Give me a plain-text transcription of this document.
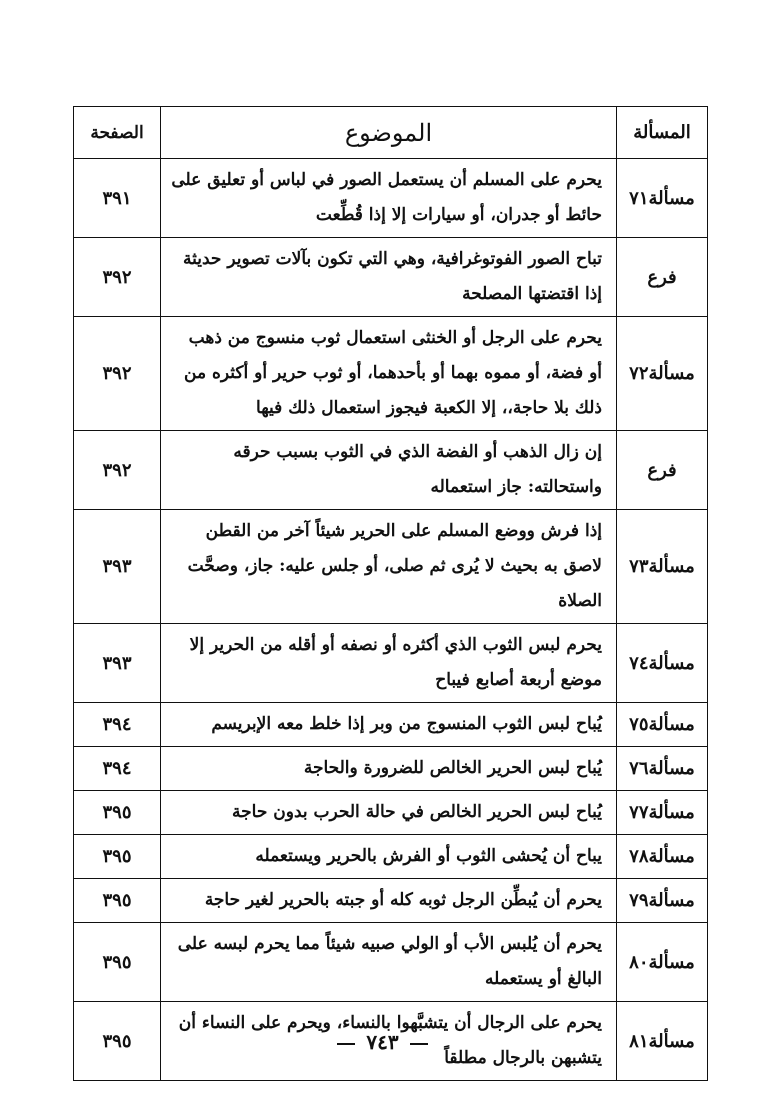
المسألة	الموضوع	الصفحة
مسألة٧١	يحرم على المسلم أن يستعمل الصور في لباس أو تعليق على حائط أو جدران، أو سيارات إلا إذا قُطِّعت	٣٩١
فرع	تباح الصور الفوتوغرافية، وهي التي تكون بآلات تصوير حديثة إذا اقتضتها المصلحة	٣٩٢
مسألة٧٢	يحرم على الرجل أو الخنثى استعمال ثوب منسوج من ذهب أو فضة، أو مموه بهما أو بأحدهما، أو ثوب حرير أو أكثره من ذلك بلا حاجة،، إلا الكعبة فيجوز استعمال ذلك فيها	٣٩٢
فرع	إن زال الذهب أو الفضة الذي في الثوب بسبب حرقه واستحالته: جاز استعماله	٣٩٢
مسألة٧٣	إذا فرش ووضع المسلم على الحرير شيئاً آخر من القطن لاصق به بحيث لا يُرى ثم صلى، أو جلس عليه: جاز، وصحَّت الصلاة	٣٩٣
مسألة٧٤	يحرم لبس الثوب الذي أكثره أو نصفه أو أقله من الحرير إلا موضع أربعة أصابع فيباح	٣٩٣
مسألة٧٥	يُباح لبس الثوب المنسوج من وبر إذا خلط معه الإبريسم	٣٩٤
مسألة٧٦	يُباح لبس الحرير الخالص للضرورة والحاجة	٣٩٤
مسألة٧٧	يُباح لبس الحرير الخالص في حالة الحرب بدون حاجة	٣٩٥
مسألة٧٨	يباح أن يُحشى الثوب أو الفرش بالحرير ويستعمله	٣٩٥
مسألة٧٩	يحرم أن يُبطِّن الرجل ثوبه كله أو جبته بالحرير لغير حاجة	٣٩٥
مسألة٨٠	يحرم أن يُلبس الأب أو الولي صبيه شيئاً مما يحرم لبسه على البالغ أو يستعمله	٣٩٥
مسألة٨١	يحرم على الرجال أن يتشبَّهوا بالنساء، ويحرم على النساء أن يتشبهن بالرجال مطلقاً	٣٩٥	٧٤٣
